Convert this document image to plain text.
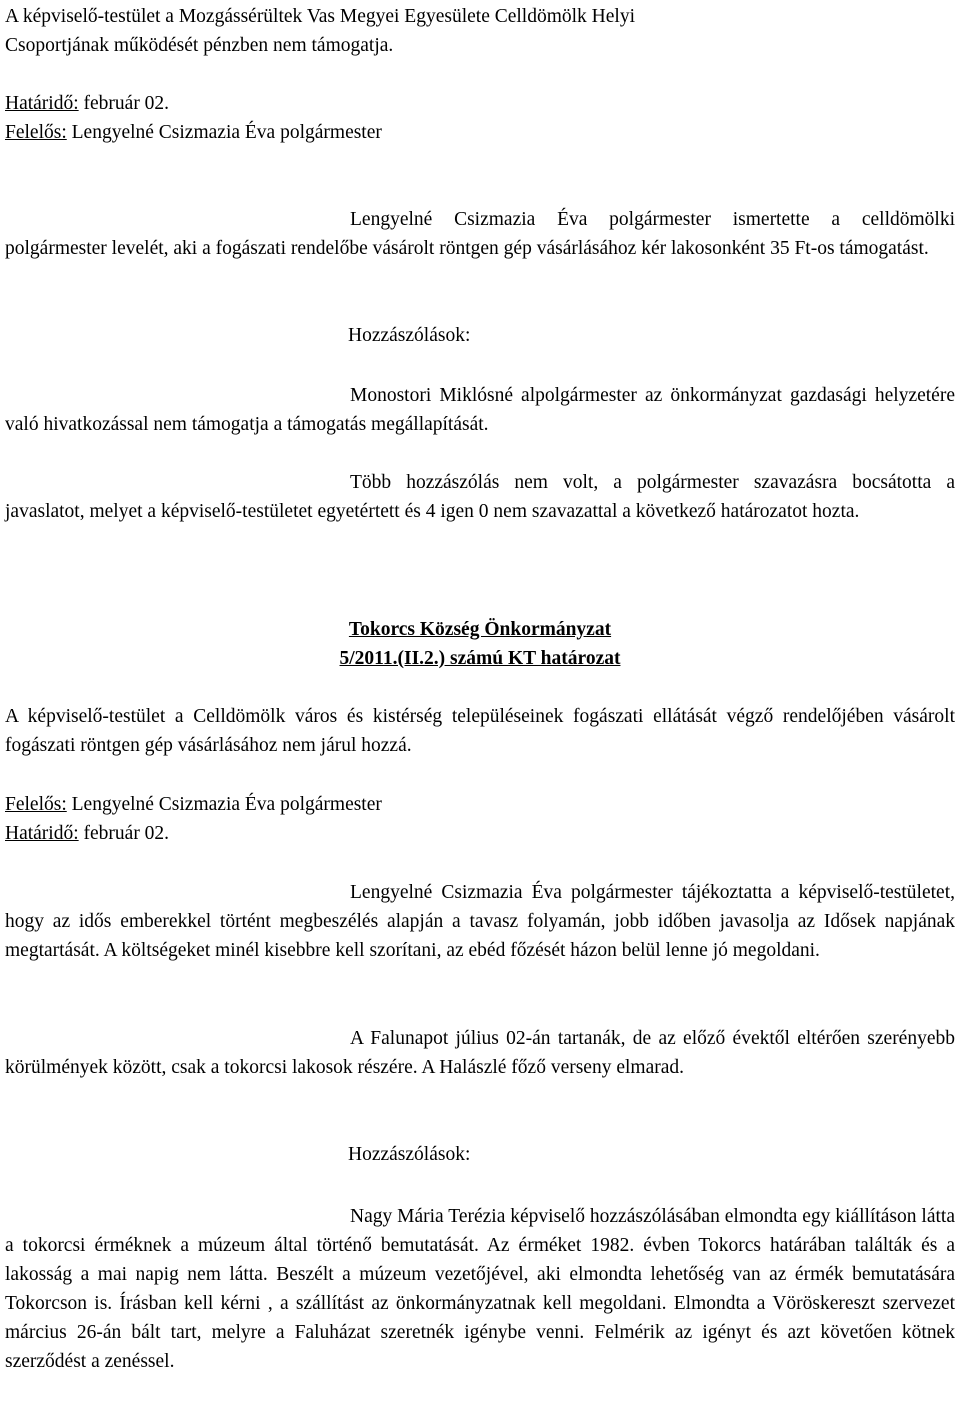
A képviselő-testület a Mozgássérültek Vas Megyei Egyesülete Celldömölk Helyi
Csoportjának működését pénzben nem támogatja.
Határidő: február 02.
Felelős: Lengyelné Csizmazia Éva polgármester

Lengyelné Csizmazia Éva polgármester ismertette a celldömölki polgármester levelét, aki a fogászati rendelőbe vásárolt röntgen gép vásárlásához kér lakosonként 35 Ft-os támogatást.

Hozzászólások:

Monostori Miklósné alpolgármester az önkormányzat gazdasági helyzetére való hivatkozással nem támogatja a támogatás megállapítását.

Több hozzászólás nem volt, a polgármester szavazásra bocsátotta a javaslatot, melyet a képviselő-testületet egyetértett és 4 igen 0 nem szavazattal a következő határozatot hozta.

Tokorcs Község Önkormányzat
5/2011.(II.2.) számú KT határozat

A képviselő-testület a Celldömölk város és kistérség településeinek fogászati ellátását végző rendelőjében vásárolt fogászati röntgen gép vásárlásához nem járul hozzá.

Felelős: Lengyelné Csizmazia Éva polgármester
Határidő: február 02.

Lengyelné Csizmazia Éva polgármester tájékoztatta a képviselő-testületet, hogy az idős emberekkel történt megbeszélés alapján a tavasz folyamán, jobb időben javasolja az Idősek napjának megtartását. A költségeket minél kisebbre kell szorítani, az ebéd főzését házon belül lenne jó megoldani.

A Falunapot július 02-án tartanák, de az előző évektől eltérően szerényebb körülmények között, csak a tokorcsi lakosok részére. A Halászlé főző verseny elmarad.

Hozzászólások:

Nagy Mária Terézia képviselő hozzászólásában elmondta egy kiállításon látta a tokorcsi érméknek a múzeum által történő bemutatását. Az érméket 1982. évben Tokorcs határában találták és a lakosság a mai napig nem látta. Beszélt a múzeum vezetőjével, aki elmondta lehetőség van az érmék bemutatására Tokorcson is. Írásban kell kérni , a szállítást az önkormányzatnak kell megoldani. Elmondta a Vöröskereszt szervezet március 26-án bált tart, melyre a Faluházat szeretnék igénybe venni. Felmérik az igényt és azt követően kötnek szerződést a zenéssel.
